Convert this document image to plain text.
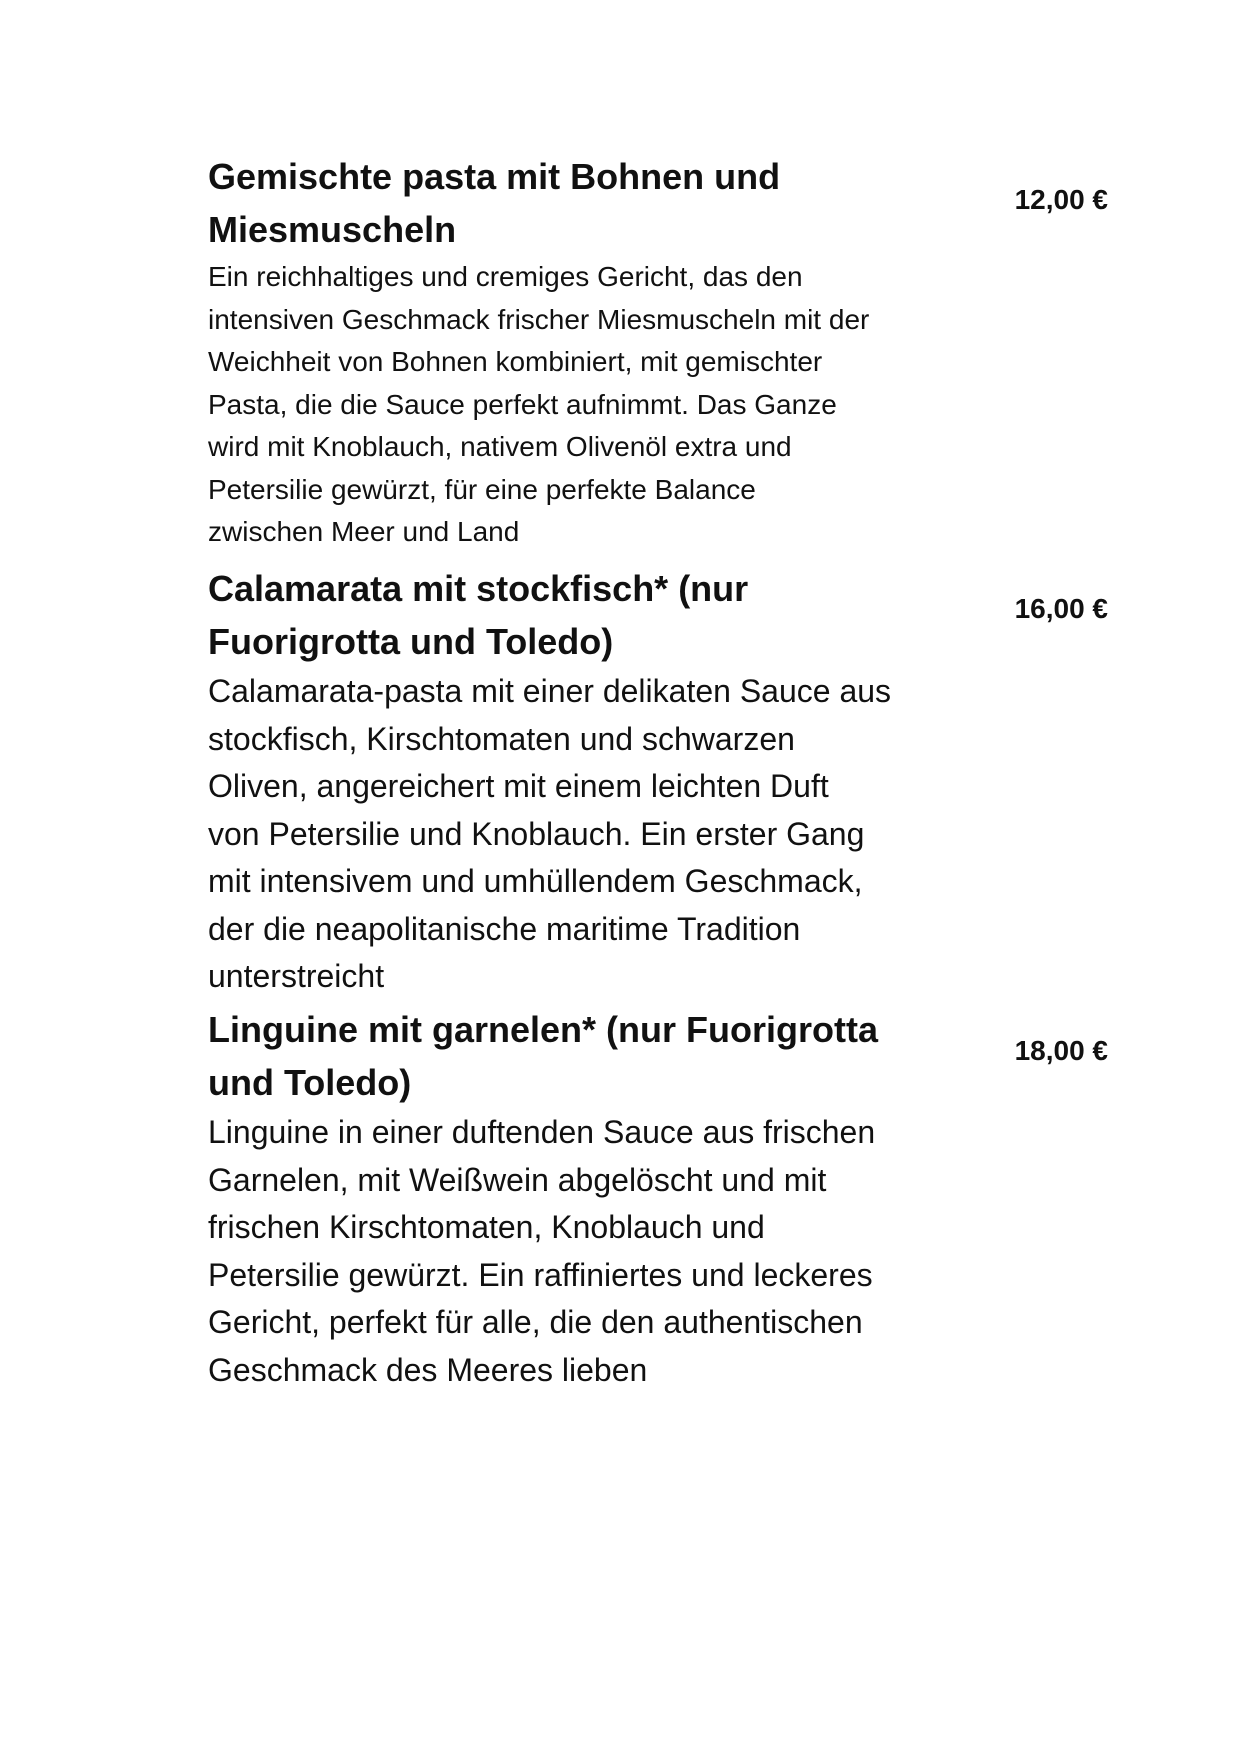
Gemischte pasta mit Bohnen und
Miesmuscheln
12,00 €

Ein reichhaltiges und cremiges Gericht, das den
intensiven Geschmack frischer Miesmuscheln mit der
Weichheit von Bohnen kombiniert, mit gemischter
Pasta, die die Sauce perfekt aufnimmt. Das Ganze
wird mit Knoblauch, nativem Olivenöl extra und
Petersilie gewürzt, für eine perfekte Balance
zwischen Meer und Land

Calamarata mit stockfisch* (nur
Fuorigrotta und Toledo)
16,00 €

Calamarata-pasta mit einer delikaten Sauce aus
stockfisch, Kirschtomaten und schwarzen
Oliven, angereichert mit einem leichten Duft
von Petersilie und Knoblauch. Ein erster Gang
mit intensivem und umhüllendem Geschmack,
der die neapolitanische maritime Tradition
unterstreicht

Linguine mit garnelen* (nur Fuorigrotta
und Toledo)
18,00 €

Linguine in einer duftenden Sauce aus frischen
Garnelen, mit Weißwein abgelöscht und mit
frischen Kirschtomaten, Knoblauch und
Petersilie gewürzt. Ein raffiniertes und leckeres
Gericht, perfekt für alle, die den authentischen
Geschmack des Meeres lieben
